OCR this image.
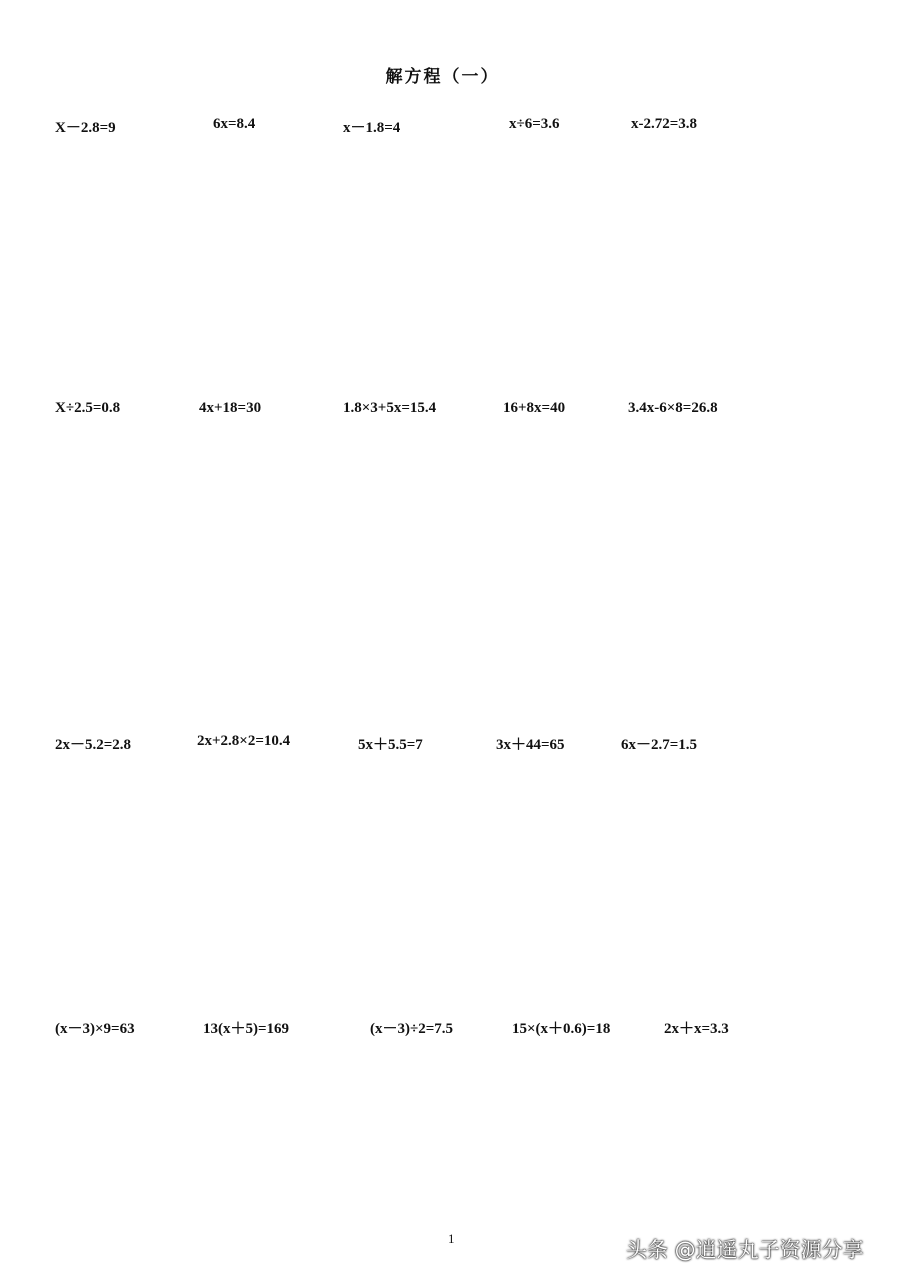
解方程（一）
X－2.8=9	6x=8.4	x－1.8=4	x÷6=3.6	x-2.72=3.8
X÷2.5=0.8	4x+18=30	1.8×3+5x=15.4	16+8x=40	3.4x-6×8=26.8
2x－5.2=2.8	2x+2.8×2=10.4	5x＋5.5=7	3x＋44=65	6x－2.7=1.5
(x－3)×9=63	13(x＋5)=169	(x－3)÷2=7.5	15×(x＋0.6)=18	2x＋x=3.3
1	头条 @逍遥丸子资源分享
